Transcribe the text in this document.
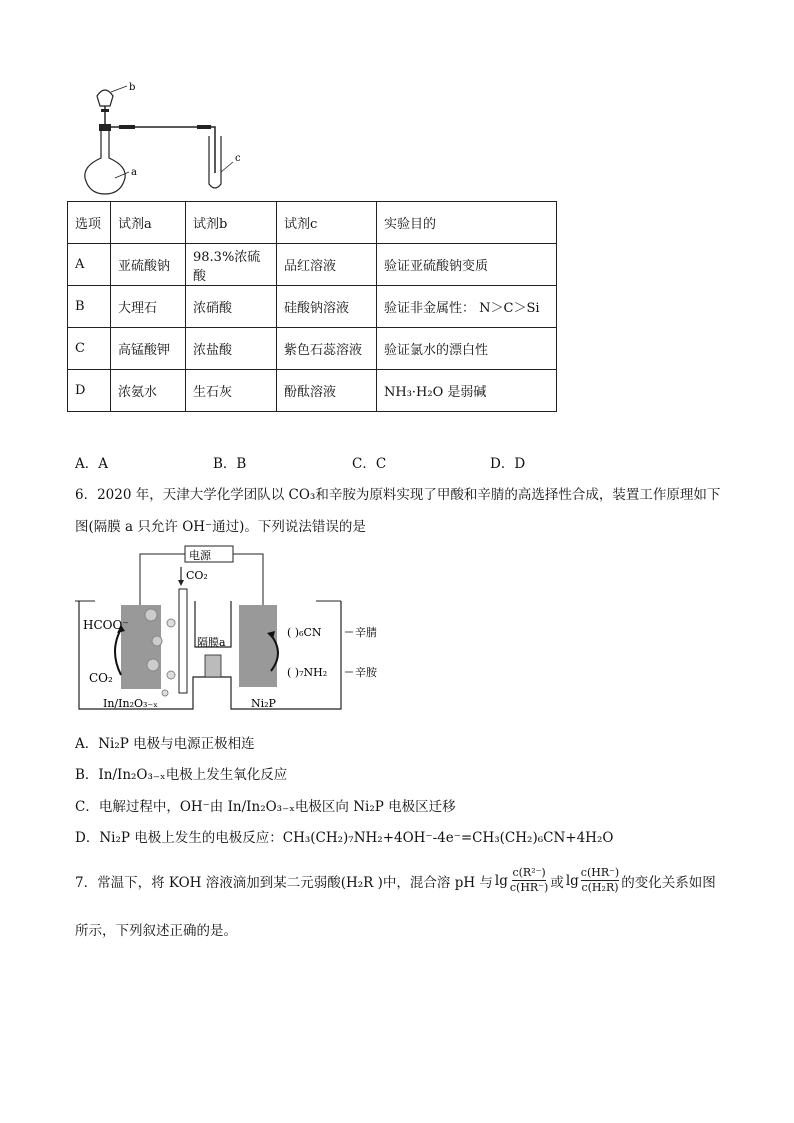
b
a
c
选项	试剂a	试剂b	试剂c	实验目的
A	亚硫酸钠	98.3%浓硫酸	品红溶液	验证亚硫酸钠变质
B	大理石	浓硝酸	硅酸钠溶液	验证非金属性： N＞C＞Si
C	高锰酸钾	浓盐酸	紫色石蕊溶液	验证氯水的漂白性
D	浓氨水	生石灰	酚酞溶液	NH₃·H₂O 是弱碱
A．A	B．B	C．C	D．D
6．2020 年，天津大学化学团队以 CO₃和辛胺为原料实现了甲酸和辛腈的高选择性合成，装置工作原理如下
图(隔膜 a 只允许 OH⁻通过)。下列说法错误的是
电源
CO₂
隔膜a
HCOO⁻
CO₂
In/In₂O₃₋ₓ	Ni₂P
( )₆CN	辛腈
( )₇NH₂	辛胺
A．Ni₂P 电极与电源正极相连
B．In/In₂O₃₋ₓ电极上发生氧化反应
C．电解过程中，OH⁻由 In/In₂O₃₋ₓ电极区向 Ni₂P 电极区迁移
D．Ni₂P 电极上发生的电极反应：CH₃(CH₂)₇NH₂+4OH⁻-4e⁻=CH₃(CH₂)₆CN+4H₂O
7．常温下，将 KOH 溶液滴加到某二元弱酸(H₂R )中，混合溶 pH 与 $\lg \frac{\text{c(R²⁻)}}{c(HR^-)}$ 或 $\lg \frac{c(HR^-)}{\text{c(H₂R)}}$ 的变化关系如图
所示，下列叙述正确的是。
